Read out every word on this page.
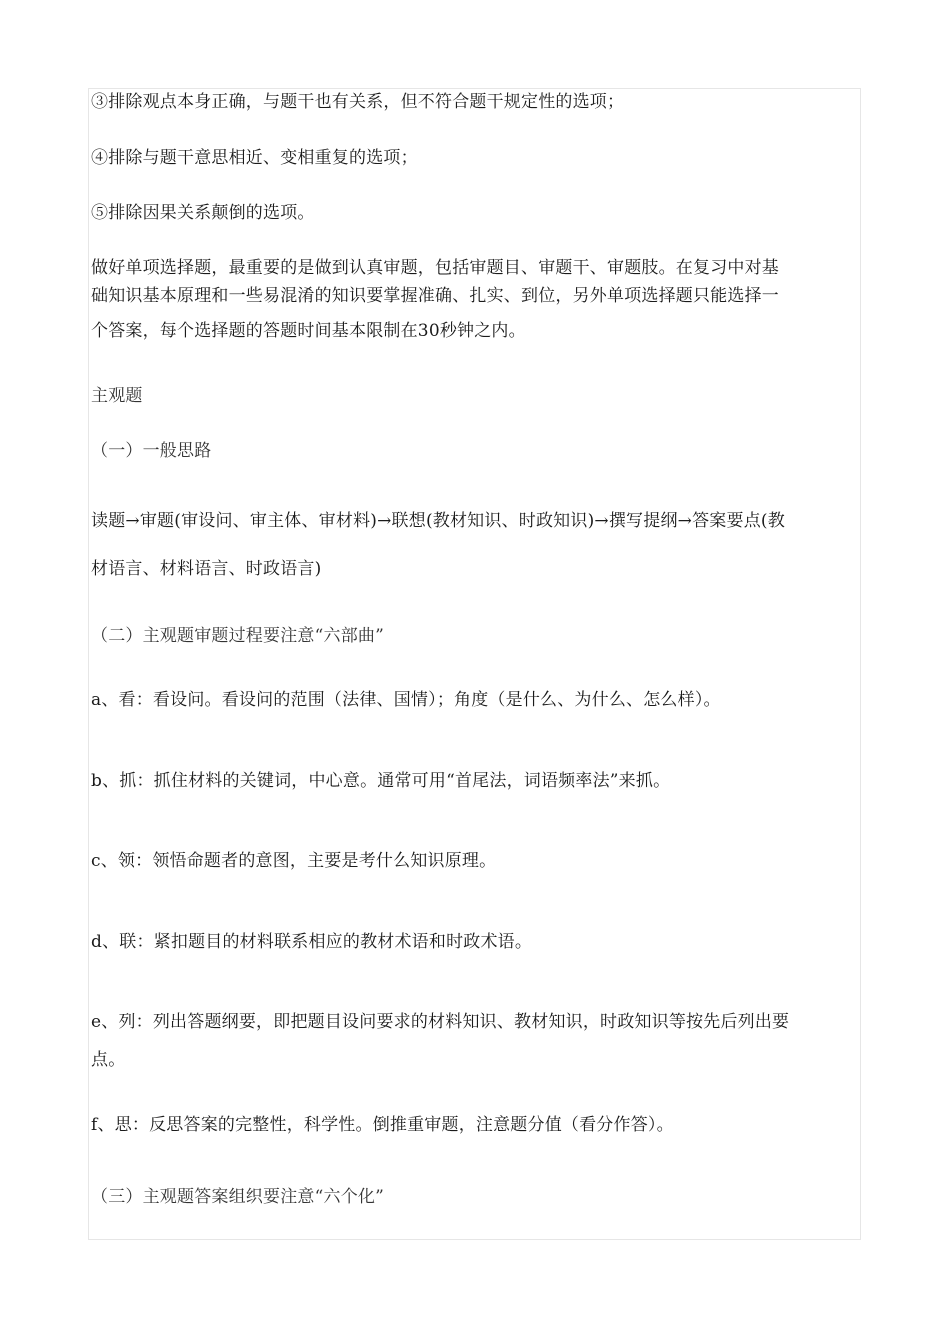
③排除观点本身正确，与题干也有关系，但不符合题干规定性的选项；
④排除与题干意思相近、变相重复的选项；
⑤排除因果关系颠倒的选项。
做好单项选择题，最重要的是做到认真审题，包括审题目、审题干、审题肢。在复习中对基
础知识基本原理和一些易混淆的知识要掌握准确、扎实、到位，另外单项选择题只能选择一
个答案，每个选择题的答题时间基本限制在30秒钟之内。
主观题
（一）一般思路
读题→审题(审设问、审主体、审材料)→联想(教材知识、时政知识)→撰写提纲→答案要点(教
材语言、材料语言、时政语言)
（二）主观题审题过程要注意“六部曲”
a、看：看设问。看设问的范围（法律、国情）；角度（是什么、为什么、怎么样）。
b、抓：抓住材料的关键词，中心意。通常可用“首尾法，词语频率法”来抓。
c、领：领悟命题者的意图，主要是考什么知识原理。
d、联：紧扣题目的材料联系相应的教材术语和时政术语。
e、列：列出答题纲要，即把题目设问要求的材料知识、教材知识，时政知识等按先后列出要
点。
f、思：反思答案的完整性，科学性。倒推重审题，注意题分值（看分作答）。
（三）主观题答案组织要注意“六个化”
